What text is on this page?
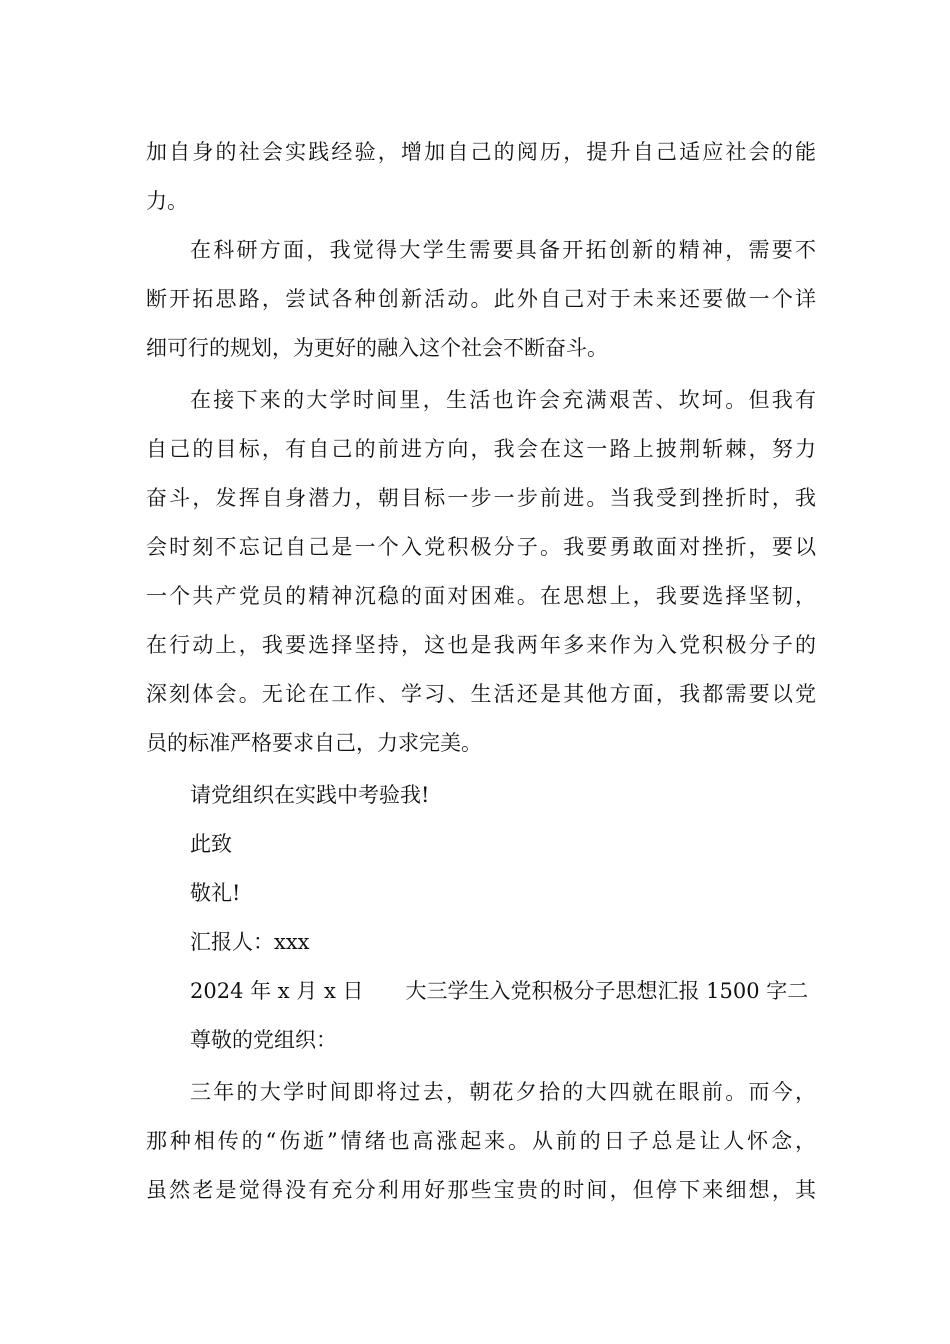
加自身的社会实践经验，增加自己的阅历，提升自己适应社会的能
力。
在科研方面，我觉得大学生需要具备开拓创新的精神，需要不
断开拓思路，尝试各种创新活动。此外自己对于未来还要做一个详
细可行的规划，为更好的融入这个社会不断奋斗。
在接下来的大学时间里，生活也许会充满艰苦、坎坷。但我有
自己的目标，有自己的前进方向，我会在这一路上披荆斩棘，努力
奋斗，发挥自身潜力，朝目标一步一步前进。当我受到挫折时，我
会时刻不忘记自己是一个入党积极分子。我要勇敢面对挫折，要以
一个共产党员的精神沉稳的面对困难。在思想上，我要选择坚韧，
在行动上，我要选择坚持，这也是我两年多来作为入党积极分子的
深刻体会。无论在工作、学习、生活还是其他方面，我都需要以党
员的标准严格要求自己，力求完美。
请党组织在实践中考验我!
此致
敬礼!
汇报人：xxx
2024 年 x 月 x 日　　大三学生入党积极分子思想汇报 1500 字二
尊敬的党组织：
三年的大学时间即将过去，朝花夕拾的大四就在眼前。而今，
那种相传的“伤逝”情绪也高涨起来。从前的日子总是让人怀念，
虽然老是觉得没有充分利用好那些宝贵的时间，但停下来细想，其
